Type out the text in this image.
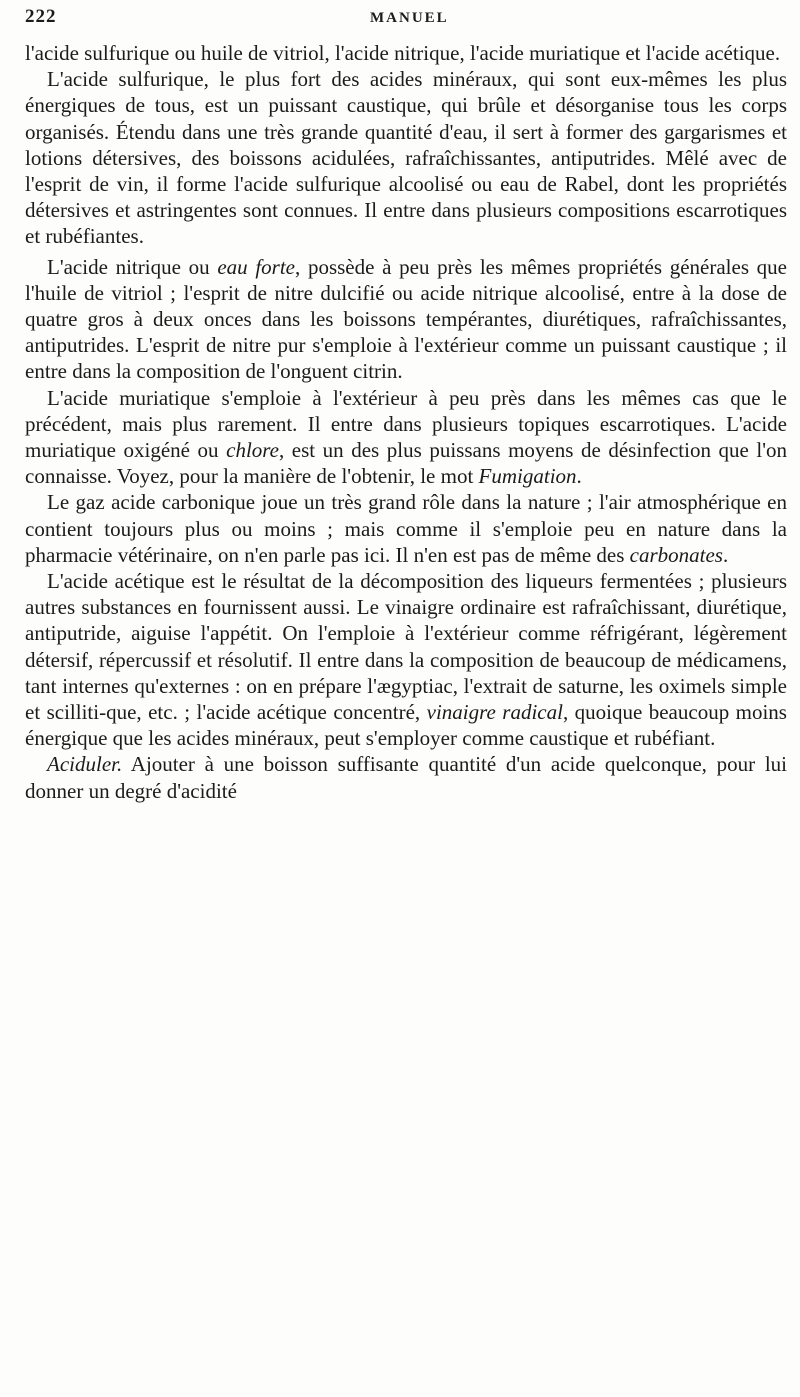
222	MANUEL

l'acide sulfurique ou huile de vitriol, l'acide nitrique, l'acide muriatique et l'acide acétique.

L'acide sulfurique, le plus fort des acides minéraux, qui sont eux-mêmes les plus énergiques de tous, est un puissant caustique, qui brûle et désorganise tous les corps organisés. Étendu dans une très grande quantité d'eau, il sert à former des gargarismes et lotions détersives, des boissons acidulées, rafraîchissantes, antiputrides. Mêlé avec de l'esprit de vin, il forme l'acide sulfurique alcoolisé ou eau de Rabel, dont les propriétés détersives et astringentes sont connues. Il entre dans plusieurs compositions escarrotiques et rubéfiantes.

L'acide nitrique ou eau forte, possède à peu près les mêmes propriétés générales que l'huile de vitriol ; l'esprit de nitre dulcifié ou acide nitrique alcoolisé, entre à la dose de quatre gros à deux onces dans les boissons tempérantes, diurétiques, rafraîchissantes, antiputrides. L'esprit de nitre pur s'emploie à l'extérieur comme un puissant caustique ; il entre dans la composition de l'onguent citrin.

L'acide muriatique s'emploie à l'extérieur à peu près dans les mêmes cas que le précédent, mais plus rarement. Il entre dans plusieurs topiques escarrotiques. L'acide muriatique oxigéné ou chlore, est un des plus puissans moyens de désinfection que l'on connaisse. Voyez, pour la manière de l'obtenir, le mot Fumigation.

Le gaz acide carbonique joue un très grand rôle dans la nature ; l'air atmosphérique en contient toujours plus ou moins ; mais comme il s'emploie peu en nature dans la pharmacie vétérinaire, on n'en parle pas ici. Il n'en est pas de même des carbonates.

L'acide acétique est le résultat de la décomposition des liqueurs fermentées ; plusieurs autres substances en fournissent aussi. Le vinaigre ordinaire est rafraîchissant, diurétique, antiputride, aiguise l'appétit. On l'emploie à l'extérieur comme réfrigérant, légèrement détersif, répercussif et résolutif. Il entre dans la composition de beaucoup de médicamens, tant internes qu'externes : on en prépare l'ægyptiac, l'extrait de saturne, les oximels simple et scilliti-que, etc. ; l'acide acétique concentré, vinaigre radical, quoique beaucoup moins énergique que les acides minéraux, peut s'employer comme caustique et rubéfiant.

Aciduler. Ajouter à une boisson suffisante quantité d'un acide quelconque, pour lui donner un degré d'acidité
